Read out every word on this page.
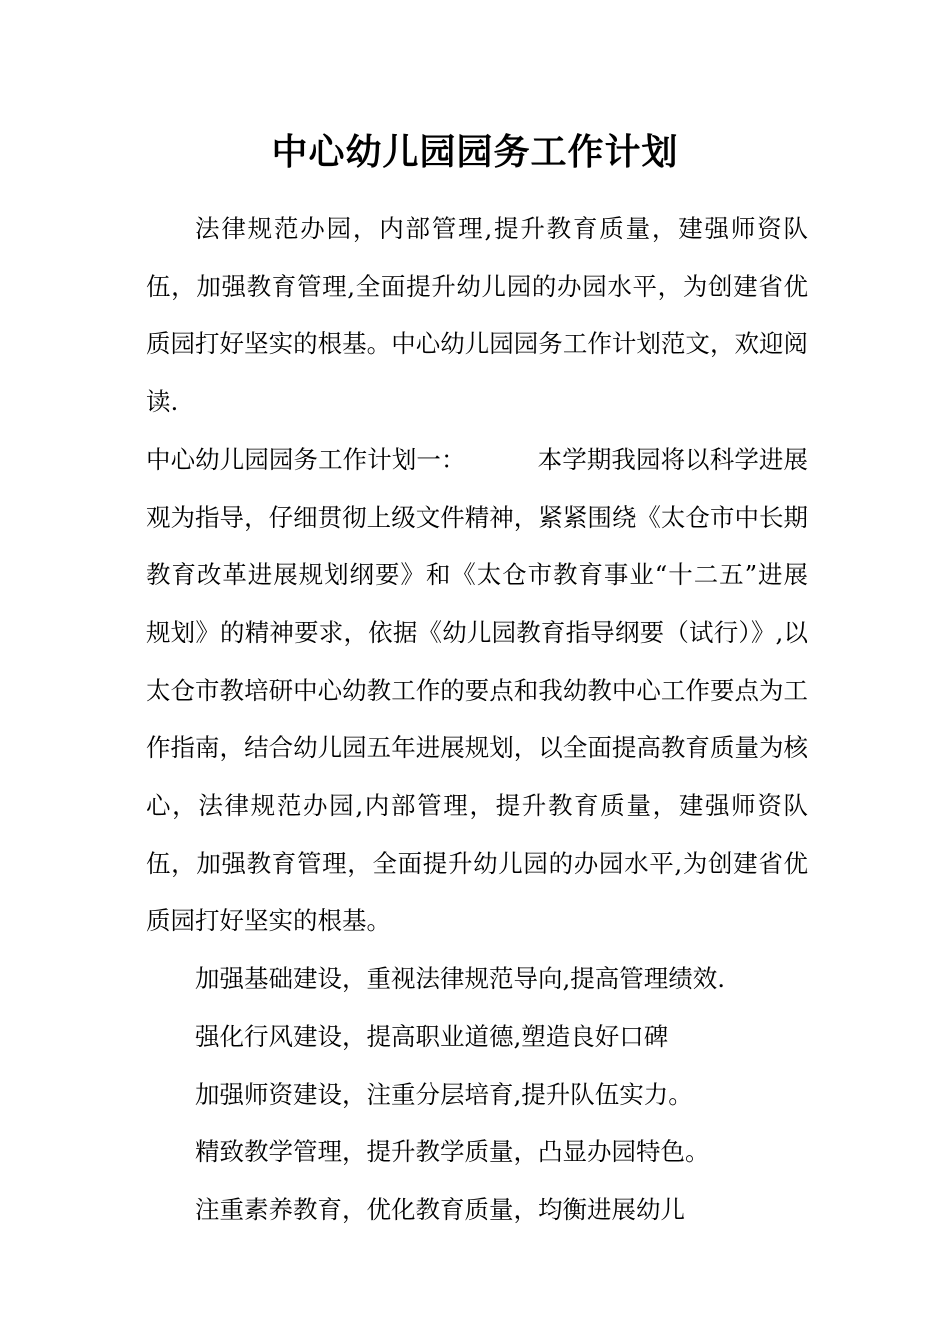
中心幼儿园园务工作计划

法律规范办园，内部管理,提升教育质量，建强师资队伍，加强教育管理,全面提升幼儿园的办园水平，为创建省优质园打好坚实的根基。中心幼儿园园务工作计划范文，欢迎阅读.

中心幼儿园园务工作计划一：	本学期我园将以科学进展观为指导，仔细贯彻上级文件精神，紧紧围绕《太仓市中长期教育改革进展规划纲要》和《太仓市教育事业“十二五”进展规划》的精神要求，依据《幼儿园教育指导纲要（试行）》,以太仓市教培研中心幼教工作的要点和我幼教中心工作要点为工作指南，结合幼儿园五年进展规划，以全面提高教育质量为核心，法律规范办园,内部管理，提升教育质量，建强师资队伍，加强教育管理，全面提升幼儿园的办园水平,为创建省优质园打好坚实的根基。

加强基础建设，重视法律规范导向,提高管理绩效.

强化行风建设，提高职业道德,塑造良好口碑

加强师资建设，注重分层培育,提升队伍实力。

精致教学管理，提升教学质量，凸显办园特色。

注重素养教育，优化教育质量，均衡进展幼儿
